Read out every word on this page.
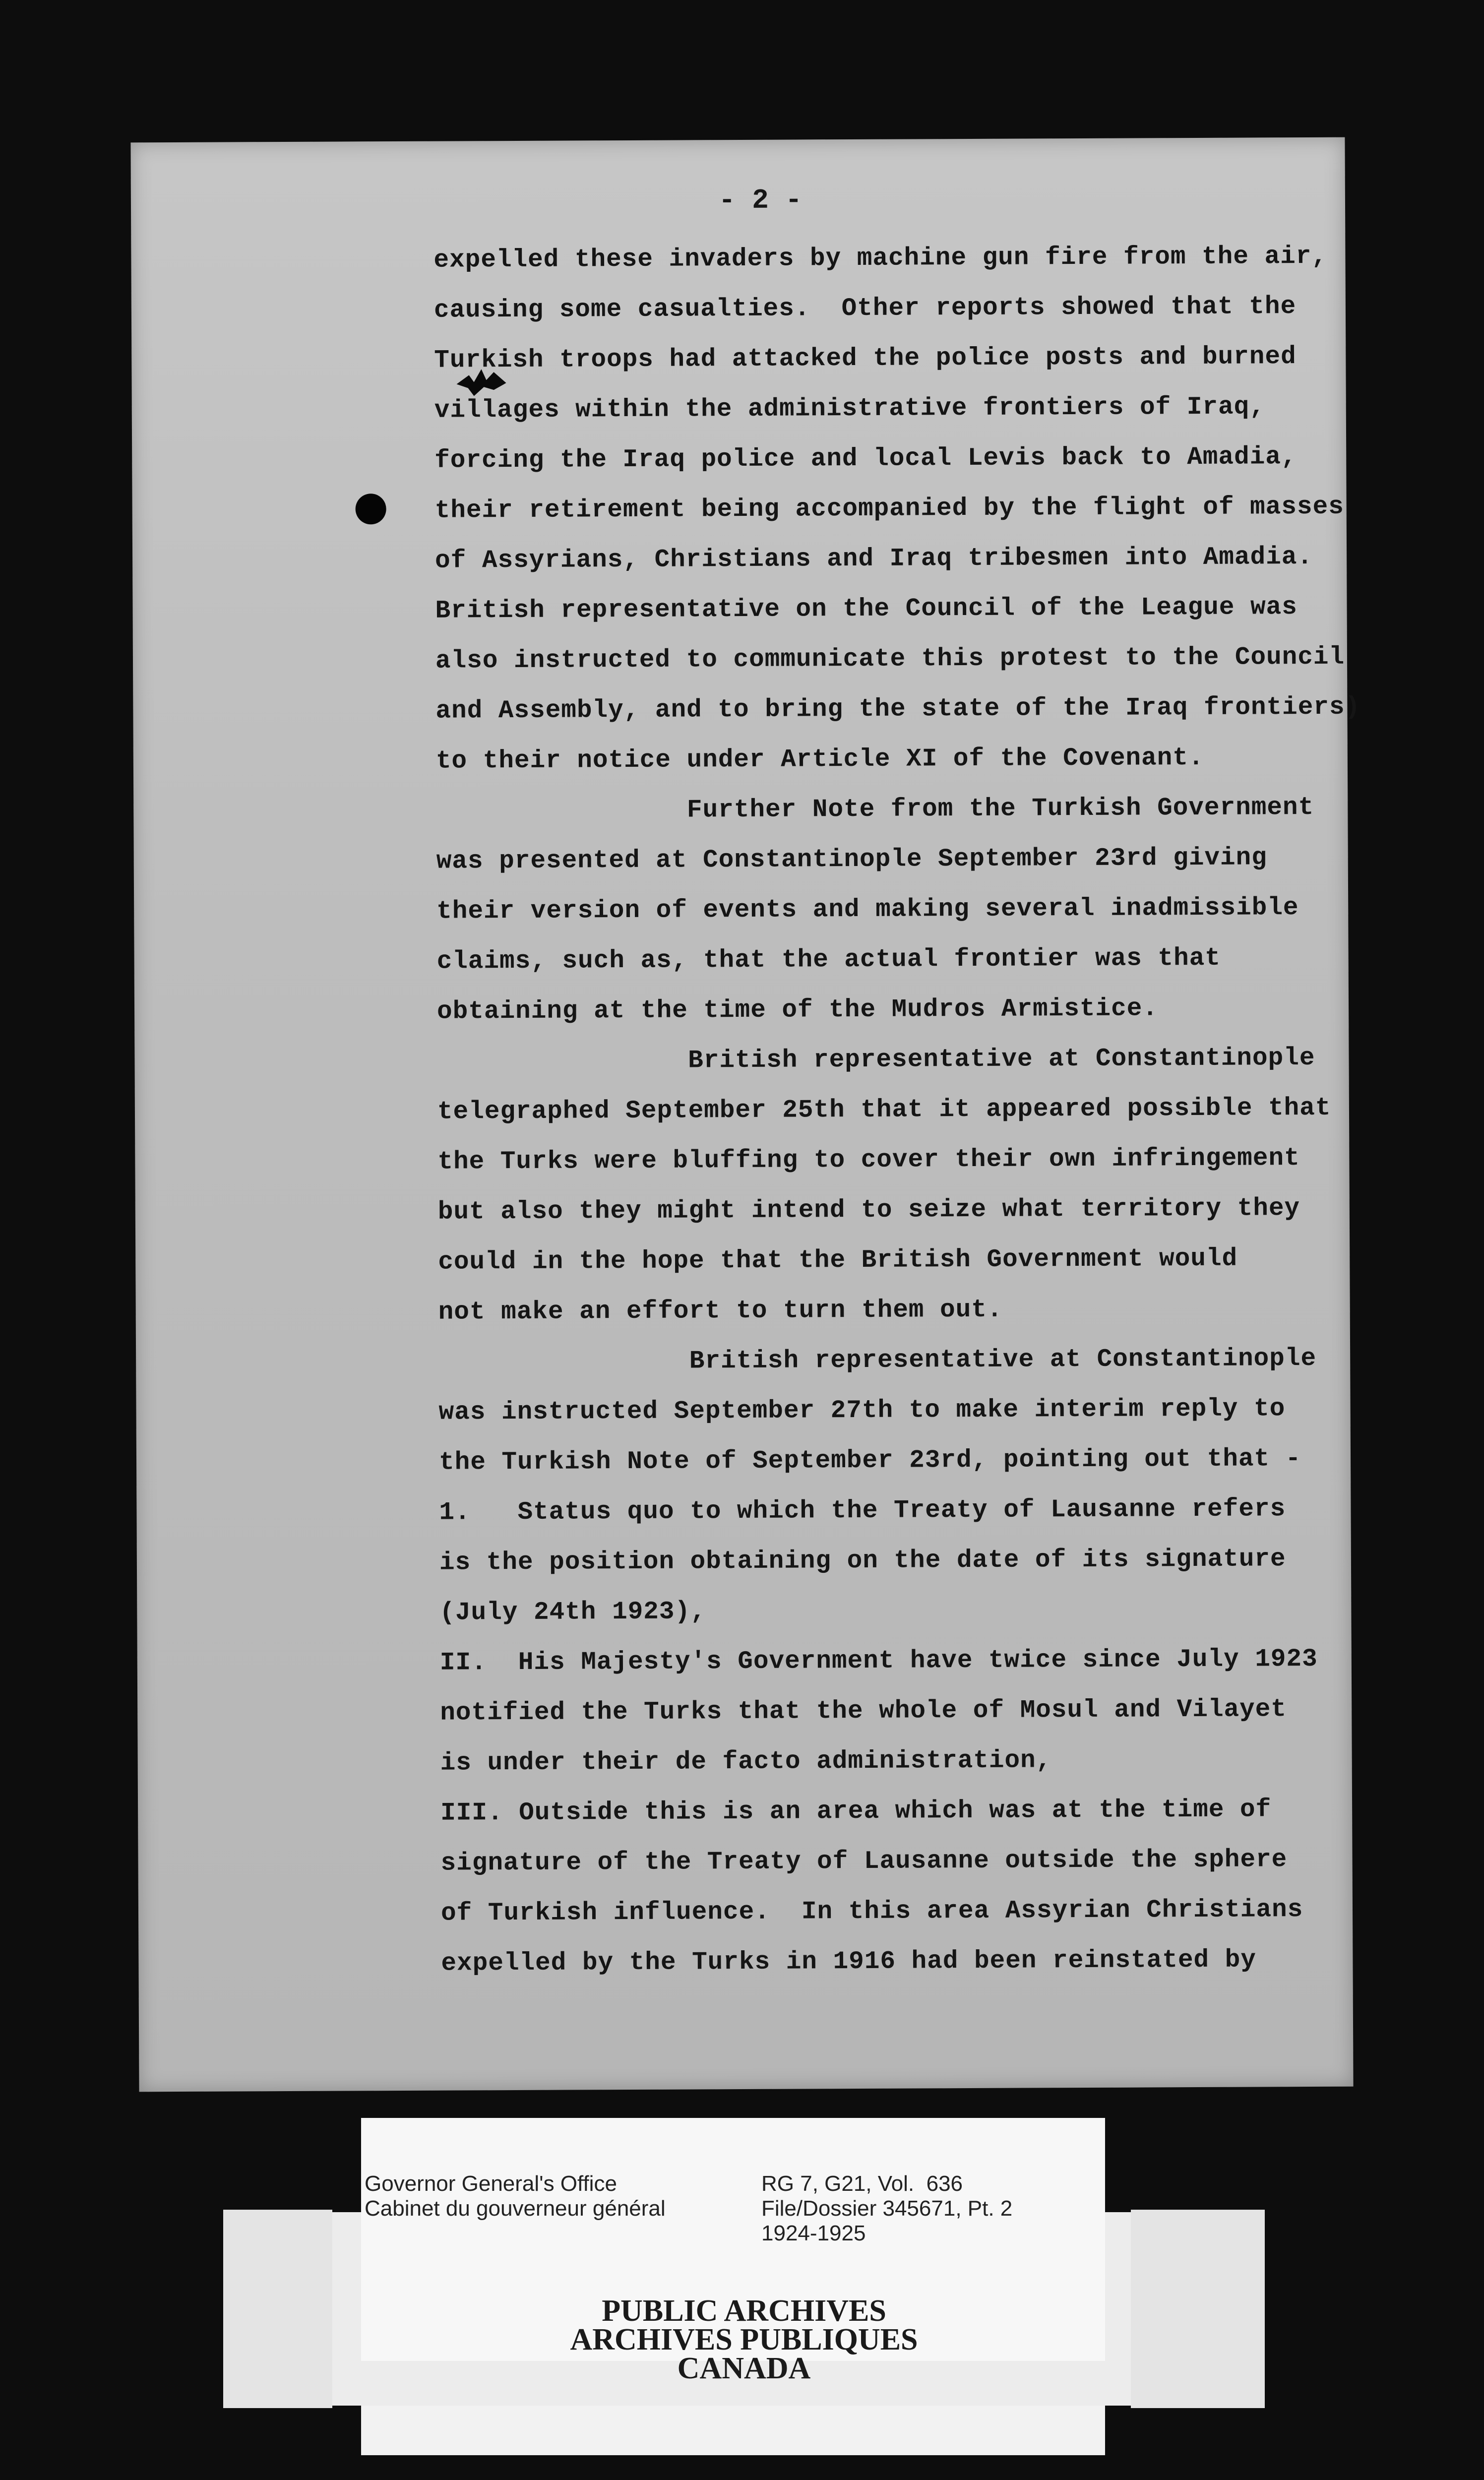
- 2 -
expelled these invaders by machine gun fire from the air,
causing some casualties.  Other reports showed that the
Turkish troops had attacked the police posts and burned
villages within the administrative frontiers of Iraq,
forcing the Iraq police and local Levis back to Amadia,
their retirement being accompanied by the flight of masses
of Assyrians, Christians and Iraq tribesmen into Amadia.
British representative on the Council of the League was
also instructed to communicate this protest to the Council
and Assembly, and to bring the state of the Iraq frontiers)
to their notice under Article XI of the Covenant.
Further Note from the Turkish Government
was presented at Constantinople September 23rd giving
their version of events and making several inadmissible
claims, such as, that the actual frontier was that
obtaining at the time of the Mudros Armistice.
British representative at Constantinople
telegraphed September 25th that it appeared possible that
the Turks were bluffing to cover their own infringement
but also they might intend to seize what territory they
could in the hope that the British Government would
not make an effort to turn them out.
British representative at Constantinople
was instructed September 27th to make interim reply to
the Turkish Note of September 23rd, pointing out that -
1.   Status quo to which the Treaty of Lausanne refers
is the position obtaining on the date of its signature
(July 24th 1923),
II.  His Majesty's Government have twice since July 1923
notified the Turks that the whole of Mosul and Vilayet
is under their de facto administration,
III. Outside this is an area which was at the time of
signature of the Treaty of Lausanne outside the sphere
of Turkish influence.  In this area Assyrian Christians
expelled by the Turks in 1916 had been reinstated by
Governor General's Office
Cabinet du gouverneur général
RG 7, G21, Vol.  636
File/Dossier 345671, Pt. 2
1924-1925
PUBLIC ARCHIVES
ARCHIVES PUBLIQUES
CANADA
